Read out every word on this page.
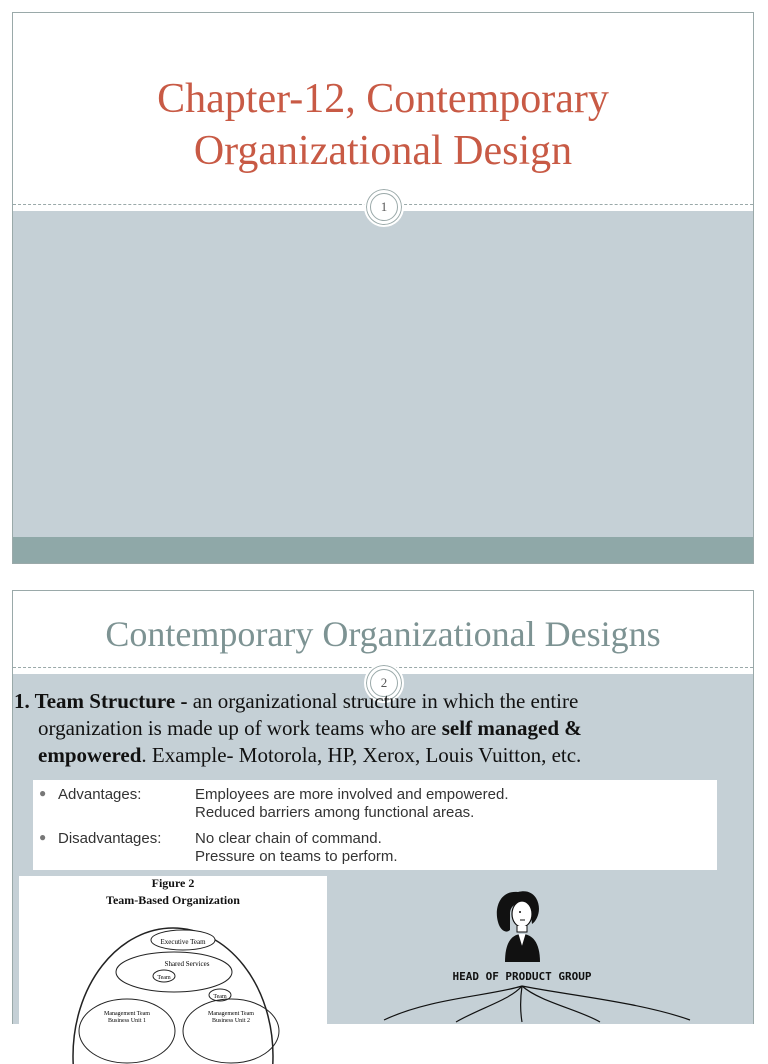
Chapter-12, Contemporary
Organizational Design
1
Contemporary Organizational Designs
2
1. Team Structure - an organizational structure in which the entire
organization is made up of work teams who are self managed &
empowered. Example- Motorola, HP, Xerox, Louis Vuitton, etc.
● Advantages:	Employees are more involved and empowered.
Reduced barriers among functional areas.
● Disadvantages: No clear chain of command.
Pressure on teams to perform.
Figure 2
Team-Based Organization
Executive Team
Shared Services
Team
Team
Management Team
Business Unit 1
Management Team
Business Unit 2
HEAD OF PRODUCT GROUP
